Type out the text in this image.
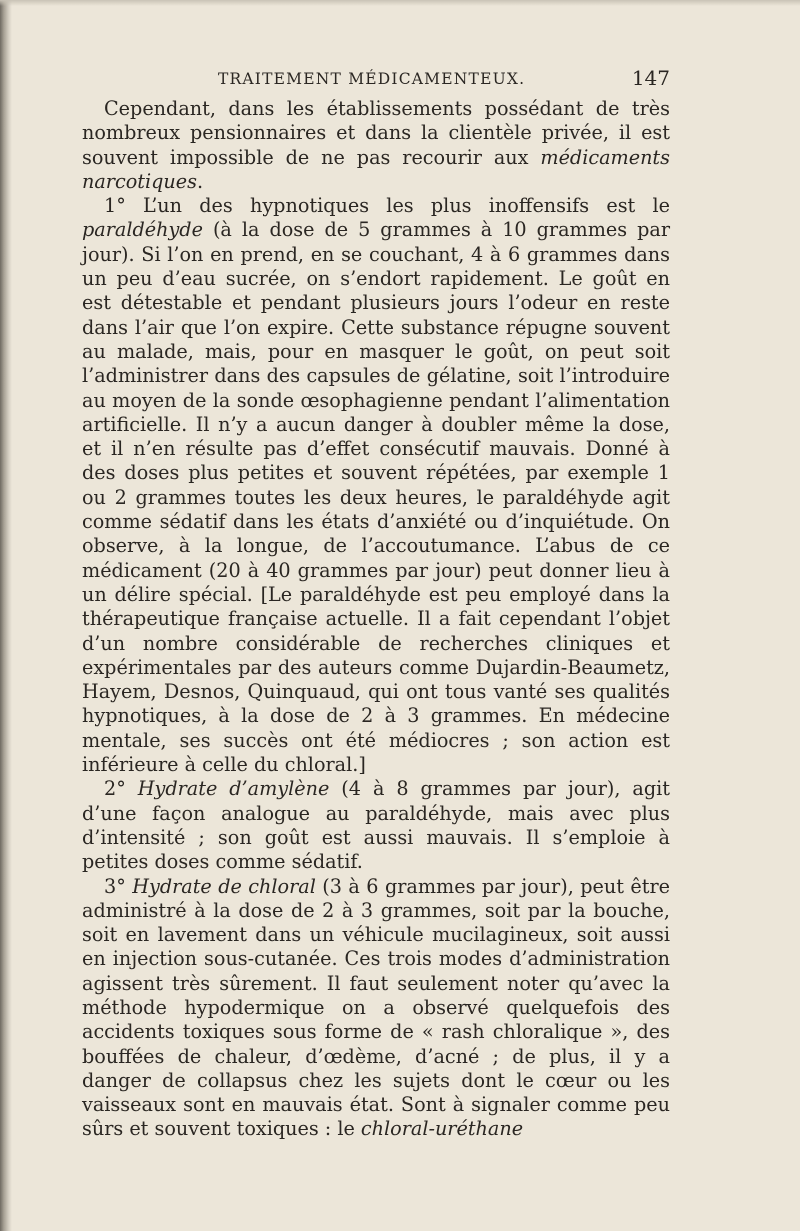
TRAITEMENT MÉDICAMENTEUX.	147

Cependant, dans les établissements possédant de très nombreux pensionnaires et dans la clientèle privée, il est souvent impossible de ne pas recourir aux médicaments narcotiques.

1° L’un des hypnotiques les plus inoffensifs est le paraldéhyde (à la dose de 5 grammes à 10 grammes par jour). Si l’on en prend, en se couchant, 4 à 6 grammes dans un peu d’eau sucrée, on s’endort rapidement. Le goût en est détestable et pendant plusieurs jours l’odeur en reste dans l’air que l’on expire. Cette substance répugne souvent au malade, mais, pour en masquer le goût, on peut soit l’administrer dans des capsules de gélatine, soit l’introduire au moyen de la sonde œsophagienne pendant l’alimentation artificielle. Il n’y a aucun danger à doubler même la dose, et il n’en résulte pas d’effet consécutif mauvais. Donné à des doses plus petites et souvent répétées, par exemple 1 ou 2 grammes toutes les deux heures, le paraldéhyde agit comme sédatif dans les états d’anxiété ou d’inquiétude. On observe, à la longue, de l’accoutumance. L’abus de ce médicament (20 à 40 grammes par jour) peut donner lieu à un délire spécial. [Le paraldéhyde est peu employé dans la thérapeutique française actuelle. Il a fait cependant l’objet d’un nombre considérable de recherches cliniques et expérimentales par des auteurs comme Dujardin-Beaumetz, Hayem, Desnos, Quinquaud, qui ont tous vanté ses qualités hypnotiques, à la dose de 2 à 3 grammes. En médecine mentale, ses succès ont été médiocres ; son action est inférieure à celle du chloral.]

2° Hydrate d’amylène (4 à 8 grammes par jour), agit d’une façon analogue au paraldéhyde, mais avec plus d’intensité ; son goût est aussi mauvais. Il s’emploie à petites doses comme sédatif.

3° Hydrate de chloral (3 à 6 grammes par jour), peut être administré à la dose de 2 à 3 grammes, soit par la bouche, soit en lavement dans un véhicule mucilagineux, soit aussi en injection sous-cutanée. Ces trois modes d’administration agissent très sûrement. Il faut seulement noter qu’avec la méthode hypodermique on a observé quelquefois des accidents toxiques sous forme de « rash chloralique », des bouffées de chaleur, d’œdème, d’acné ; de plus, il y a danger de collapsus chez les sujets dont le cœur ou les vaisseaux sont en mauvais état. Sont à signaler comme peu sûrs et souvent toxiques : le chloral-uréthane
